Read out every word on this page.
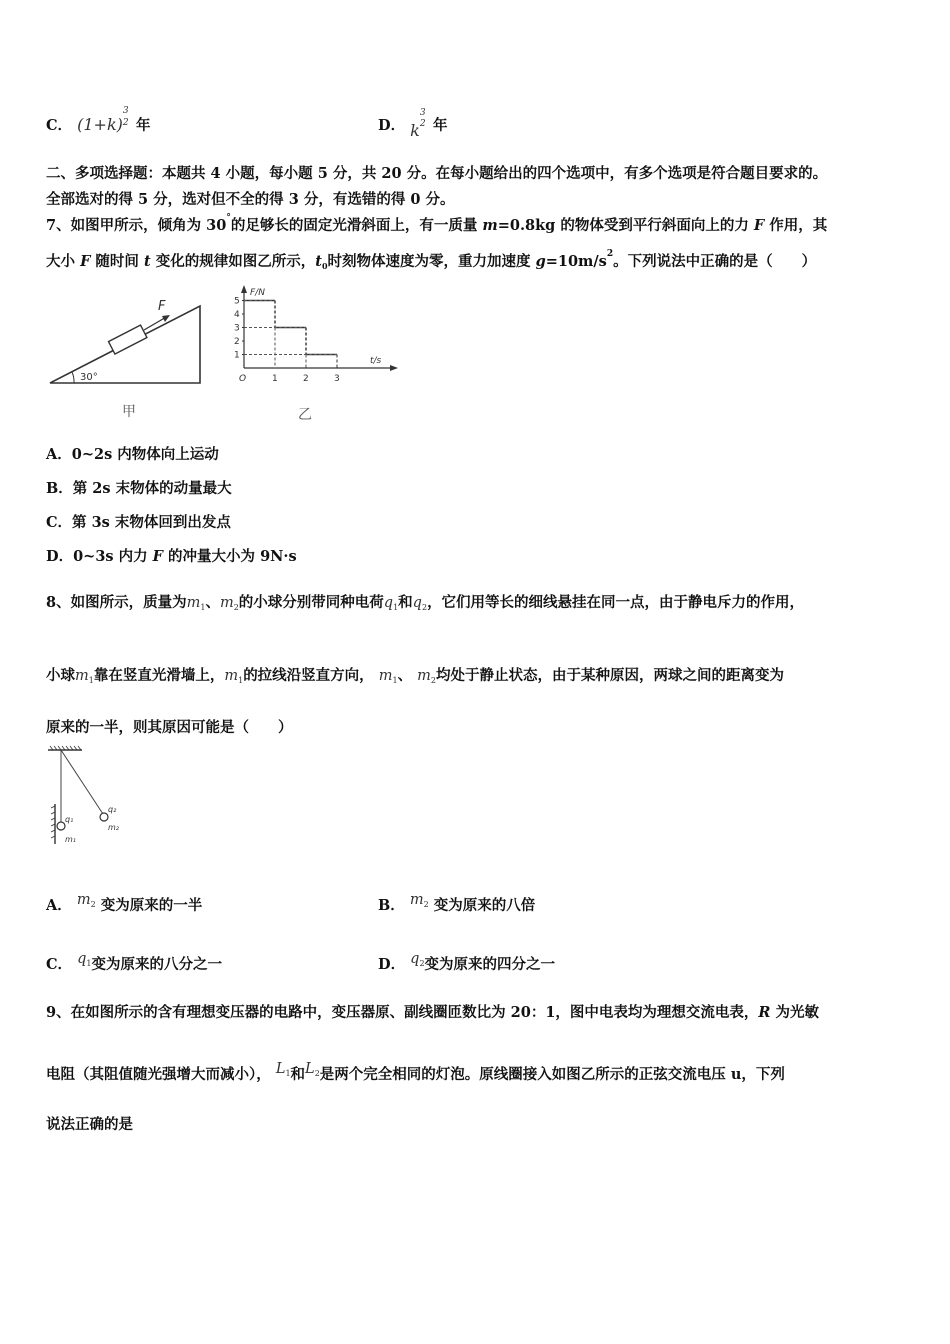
C． (1+k)
3
2 年	D． k
3
2 年
二、多项选择题：本题共 4 小题，每小题 5 分，共 20 分。在每小题给出的四个选项中，有多个选项是符合题目要求的。
全部选对的得 5 分，选对但不全的得 3 分，有选错的得 0 分。
7、如图甲所示，倾角为 30°的足够长的固定光滑斜面上，有一质量 m=0.8kg 的物体受到平行斜面向上的力 F 作用，其
大小 F 随时间 t 变化的规律如图乙所示，$t_0$时刻物体速度为零，重力加速度 $g=10m/s^2$。下列说法中正确的是（　　）
F
30°
甲
5
4
3
2
1
1	2	3
O
F/N
t/s
乙
A．0~2s 内物体向上运动
B．第 2s 末物体的动量最大
C．第 3s 末物体回到出发点
D．0~3s 内力 F 的冲量大小为 9N·s
8、如图所示，质量为$m_1$、$m_2$的小球分别带同种电荷$q_1$和$q_2$，它们用等长的细线悬挂在同一点，由于静电斥力的作用，
小球$m_1$靠在竖直光滑墙上，$m_1$的拉线沿竖直方向， $m_1$、 $m_2$均处于静止状态，由于某种原因，两球之间的距离变为
原来的一半，则其原因可能是（　　）
q₁
m₁
q₂
m₂
A． $m_2$ 变为原来的一半	B． $m_2$ 变为原来的八倍
C． $q_1$变为原来的八分之一	D． $q_2$变为原来的四分之一
9、在如图所示的含有理想变压器的电路中，变压器原、副线圈匝数比为 20：1，图中电表均为理想交流电表，R 为光敏
电阻（其阻值随光强增大而减小）， $L_1$和$L_2$是两个完全相同的灯泡。原线圈接入如图乙所示的正弦交流电压 u，下列
说法正确的是
